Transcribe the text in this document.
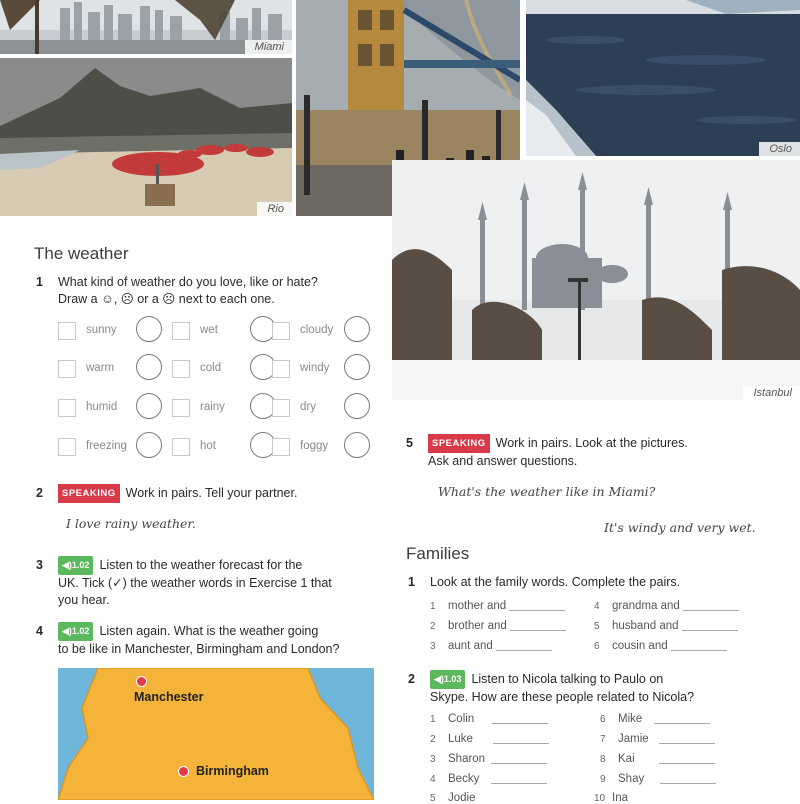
Miami
Rio
Oslo
Istanbul
The weather
1 What kind of weather do you love, like or hate?
Draw a ☺, ☹ or a ☹ next to each one.
sunny	wet	cloudy
warm	cold	windy
humid	rainy	dry
freezing	hot	foggy
2 SPEAKING Work in pairs. Tell your partner.
I love rainy weather.
3 ◀)1.02 Listen to the weather forecast for the
UK. Tick (✓) the weather words in Exercise 1 that
you hear.
4 ◀)1.02 Listen again. What is the weather going
to be like in Manchester, Birmingham and London?
Manchester
Birmingham
5 SPEAKING Work in pairs. Look at the pictures.
Ask and answer questions.
What's the weather like in Miami?
It's windy and very wet.
Families
1 Look at the family words. Complete the pairs.
1 mother and
2 brother and
3 aunt and
4 grandma and
5 husband and
6 cousin and
2 ◀)1.03 Listen to Nicola talking to Paulo on
Skype. How are these people related to Nicola?
1 Colin
2 Luke
3 Sharon
4 Becky
5 Jodie
6 Mike
7 Jamie
8 Kai
9 Shay
10 Ina
